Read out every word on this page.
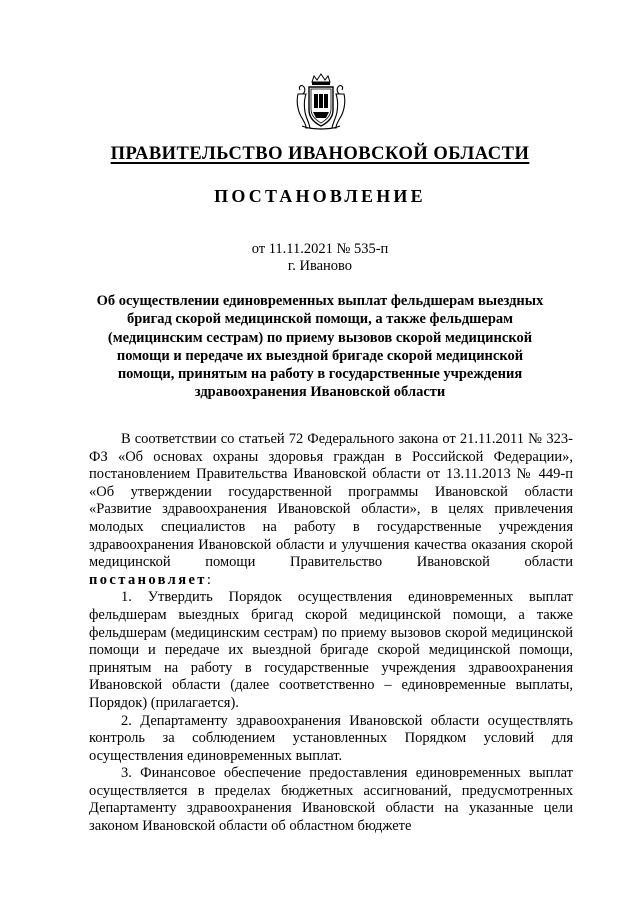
ПРАВИТЕЛЬСТВО ИВАНОВСКОЙ ОБЛАСТИ
ПОСТАНОВЛЕНИЕ
от 11.11.2021 № 535-п
г. Иваново
Об осуществлении единовременных выплат фельдшерам выездных бригад скорой медицинской помощи, а также фельдшерам (медицинским сестрам) по приему вызовов скорой медицинской помощи и передаче их выездной бригаде скорой медицинской помощи, принятым на работу в государственные учреждения здравоохранения Ивановской области

В соответствии со статьей 72 Федерального закона от 21.11.2011 № 323-ФЗ «Об основах охраны здоровья граждан в Российской Федерации», постановлением Правительства Ивановской области от 13.11.2013 № 449-п «Об утверждении государственной программы Ивановской области «Развитие здравоохранения Ивановской области», в целях привлечения молодых специалистов на работу в государственные учреждения здравоохранения Ивановской области и улучшения качества оказания скорой медицинской помощи Правительство Ивановской области постановляет:

1. Утвердить Порядок осуществления единовременных выплат фельдшерам выездных бригад скорой медицинской помощи, а также фельдшерам (медицинским сестрам) по приему вызовов скорой медицинской помощи и передаче их выездной бригаде скорой медицинской помощи, принятым на работу в государственные учреждения здравоохранения Ивановской области (далее соответственно – единовременные выплаты, Порядок) (прилагается).

2. Департаменту здравоохранения Ивановской области осуществлять контроль за соблюдением установленных Порядком условий для осуществления единовременных выплат.

3. Финансовое обеспечение предоставления единовременных выплат осуществляется в пределах бюджетных ассигнований, предусмотренных Департаменту здравоохранения Ивановской области на указанные цели законом Ивановской области об областном бюджете
